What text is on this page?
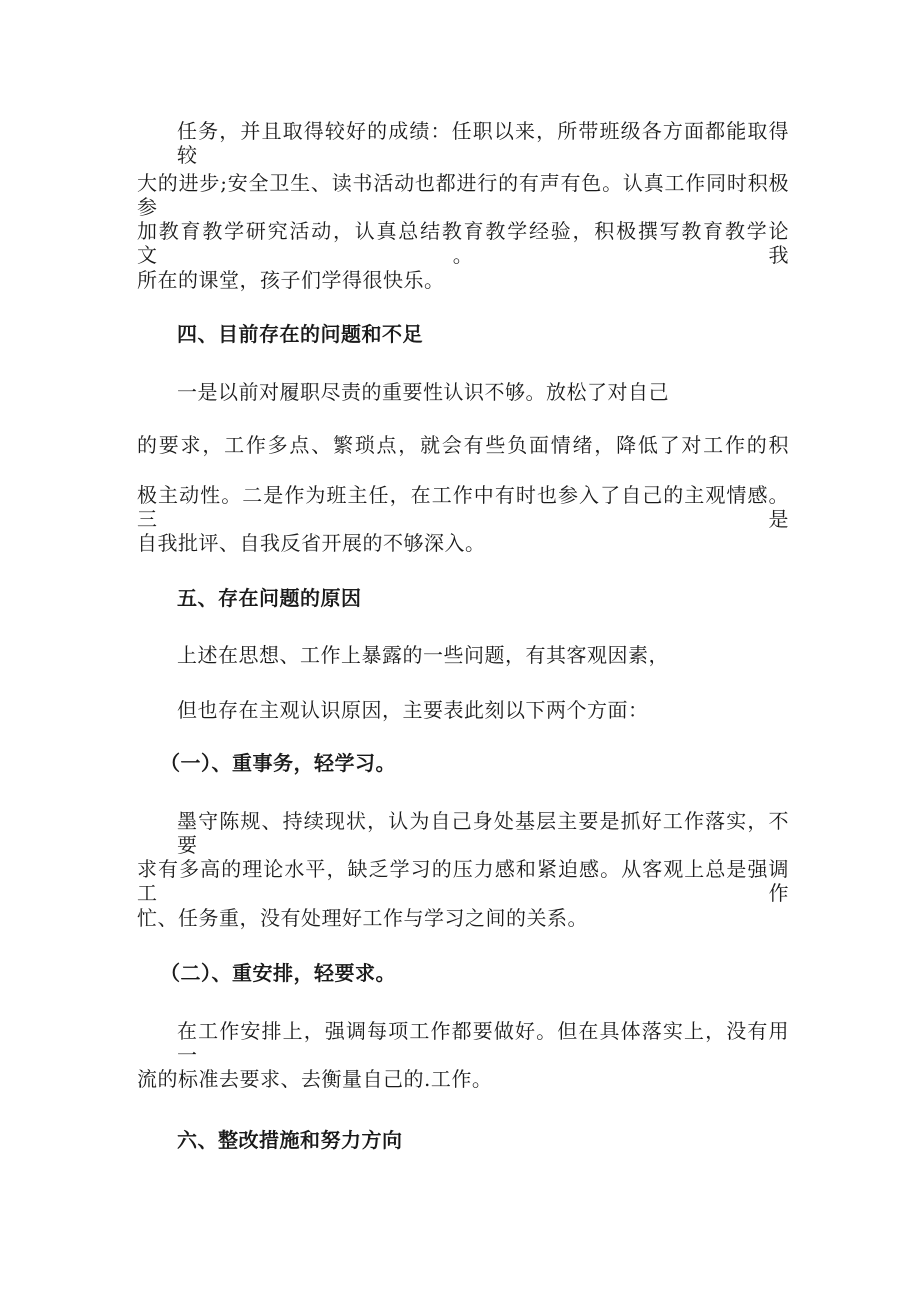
任务，并且取得较好的成绩：任职以来，所带班级各方面都能取得较
大的进步;安全卫生、读书活动也都进行的有声有色。认真工作同时积极参
加教育教学研究活动，认真总结教育教学经验，积极撰写教育教学论文。我
所在的课堂，孩子们学得很快乐。
四、目前存在的问题和不足
一是以前对履职尽责的重要性认识不够。放松了对自己
的要求，工作多点、繁琐点，就会有些负面情绪，降低了对工作的积
极主动性。二是作为班主任，在工作中有时也参入了自己的主观情感。三是
自我批评、自我反省开展的不够深入。
五、存在问题的原因
上述在思想、工作上暴露的一些问题，有其客观因素，
但也存在主观认识原因，主要表此刻以下两个方面：
（一）、重事务，轻学习。
墨守陈规、持续现状，认为自己身处基层主要是抓好工作落实，不要
求有多高的理论水平，缺乏学习的压力感和紧迫感。从客观上总是强调工作
忙、任务重，没有处理好工作与学习之间的关系。
（二）、重安排，轻要求。
在工作安排上，强调每项工作都要做好。但在具体落实上，没有用一
流的标准去要求、去衡量自己的.工作。
六、整改措施和努力方向
